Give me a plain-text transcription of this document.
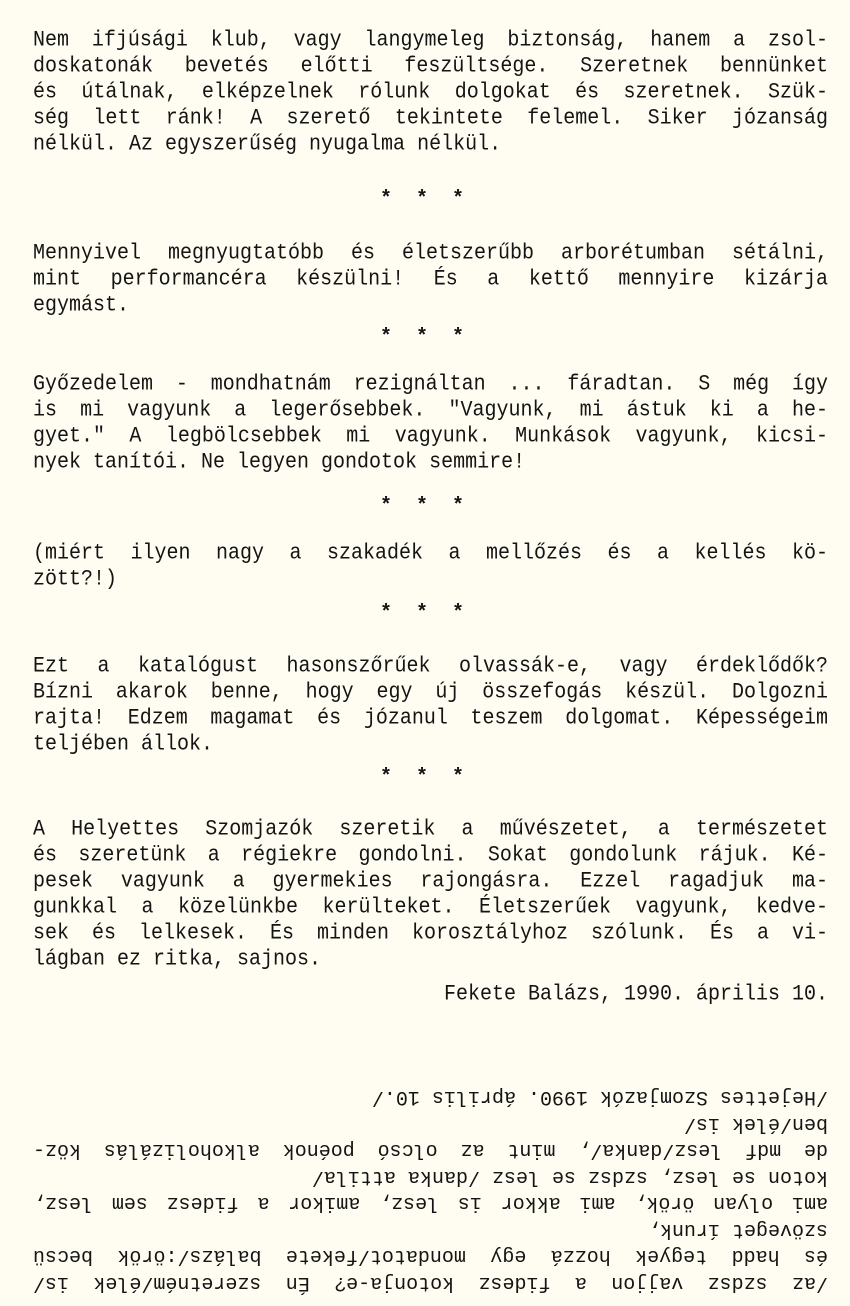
Nem ifjúsági klub, vagy langymeleg biztonság, hanem a zsol-
doskatonák bevetés előtti feszültsége. Szeretnek bennünket
és útálnak, elképzelnek rólunk dolgokat és szeretnek. Szük-
ség lett ránk! A szerető tekintete felemel. Siker józanság
nélkül. Az egyszerűség nyugalma nélkül.
* * *
Mennyivel megnyugtatóbb és életszerűbb arborétumban sétálni,
mint performancéra készülni! És a kettő mennyire kizárja
egymást.
* * *
Győzedelem - mondhatnám rezignáltan ... fáradtan. S még így
is mi vagyunk a legerősebbek. "Vagyunk, mi ástuk ki a he-
gyet." A legbölcsebbek mi vagyunk. Munkások vagyunk, kicsi-
nyek tanítói. Ne legyen gondotok semmire!
* * *
(miért ilyen nagy a szakadék a mellőzés és a kellés kö-
zött?!)
* * *
Ezt a katalógust hasonszőrűek olvassák-e, vagy érdeklődők?
Bízni akarok benne, hogy egy új összefogás készül. Dolgozni
rajta! Edzem magamat és józanul teszem dolgomat. Képességeim
teljében állok.
* * *
A Helyettes Szomjazók szeretik a művészetet, a természetet
és szeretünk a régiekre gondolni. Sokat gondolunk rájuk. Ké-
pesek vagyunk a gyermekies rajongásra. Ezzel ragadjuk ma-
gunkkal a közelünkbe kerülteket. Életszerűek vagyunk, kedve-
sek és lelkesek. És minden korosztályhoz szólunk. És a vi-
lágban ez ritka, sajnos.
Fekete Balázs, 1990. április 10.
/az szdsz vajjon a fidesz kotonja-e? Én szeretném/élek is/
és hadd tegyek hozzá egy mondatot/fekete balázs/:örök becsü
szöveget írunk,
ami olyan örök, ami akkor is lesz, amikor a fidesz sem lesz,
koton se lesz, szdsz se lesz /danka attila/
de mdf lesz/danka/, mint az olcsó poénok alkoholizálás köz-
ben/élek is/
/Hejettes Szomjazók 1990. április 10./
